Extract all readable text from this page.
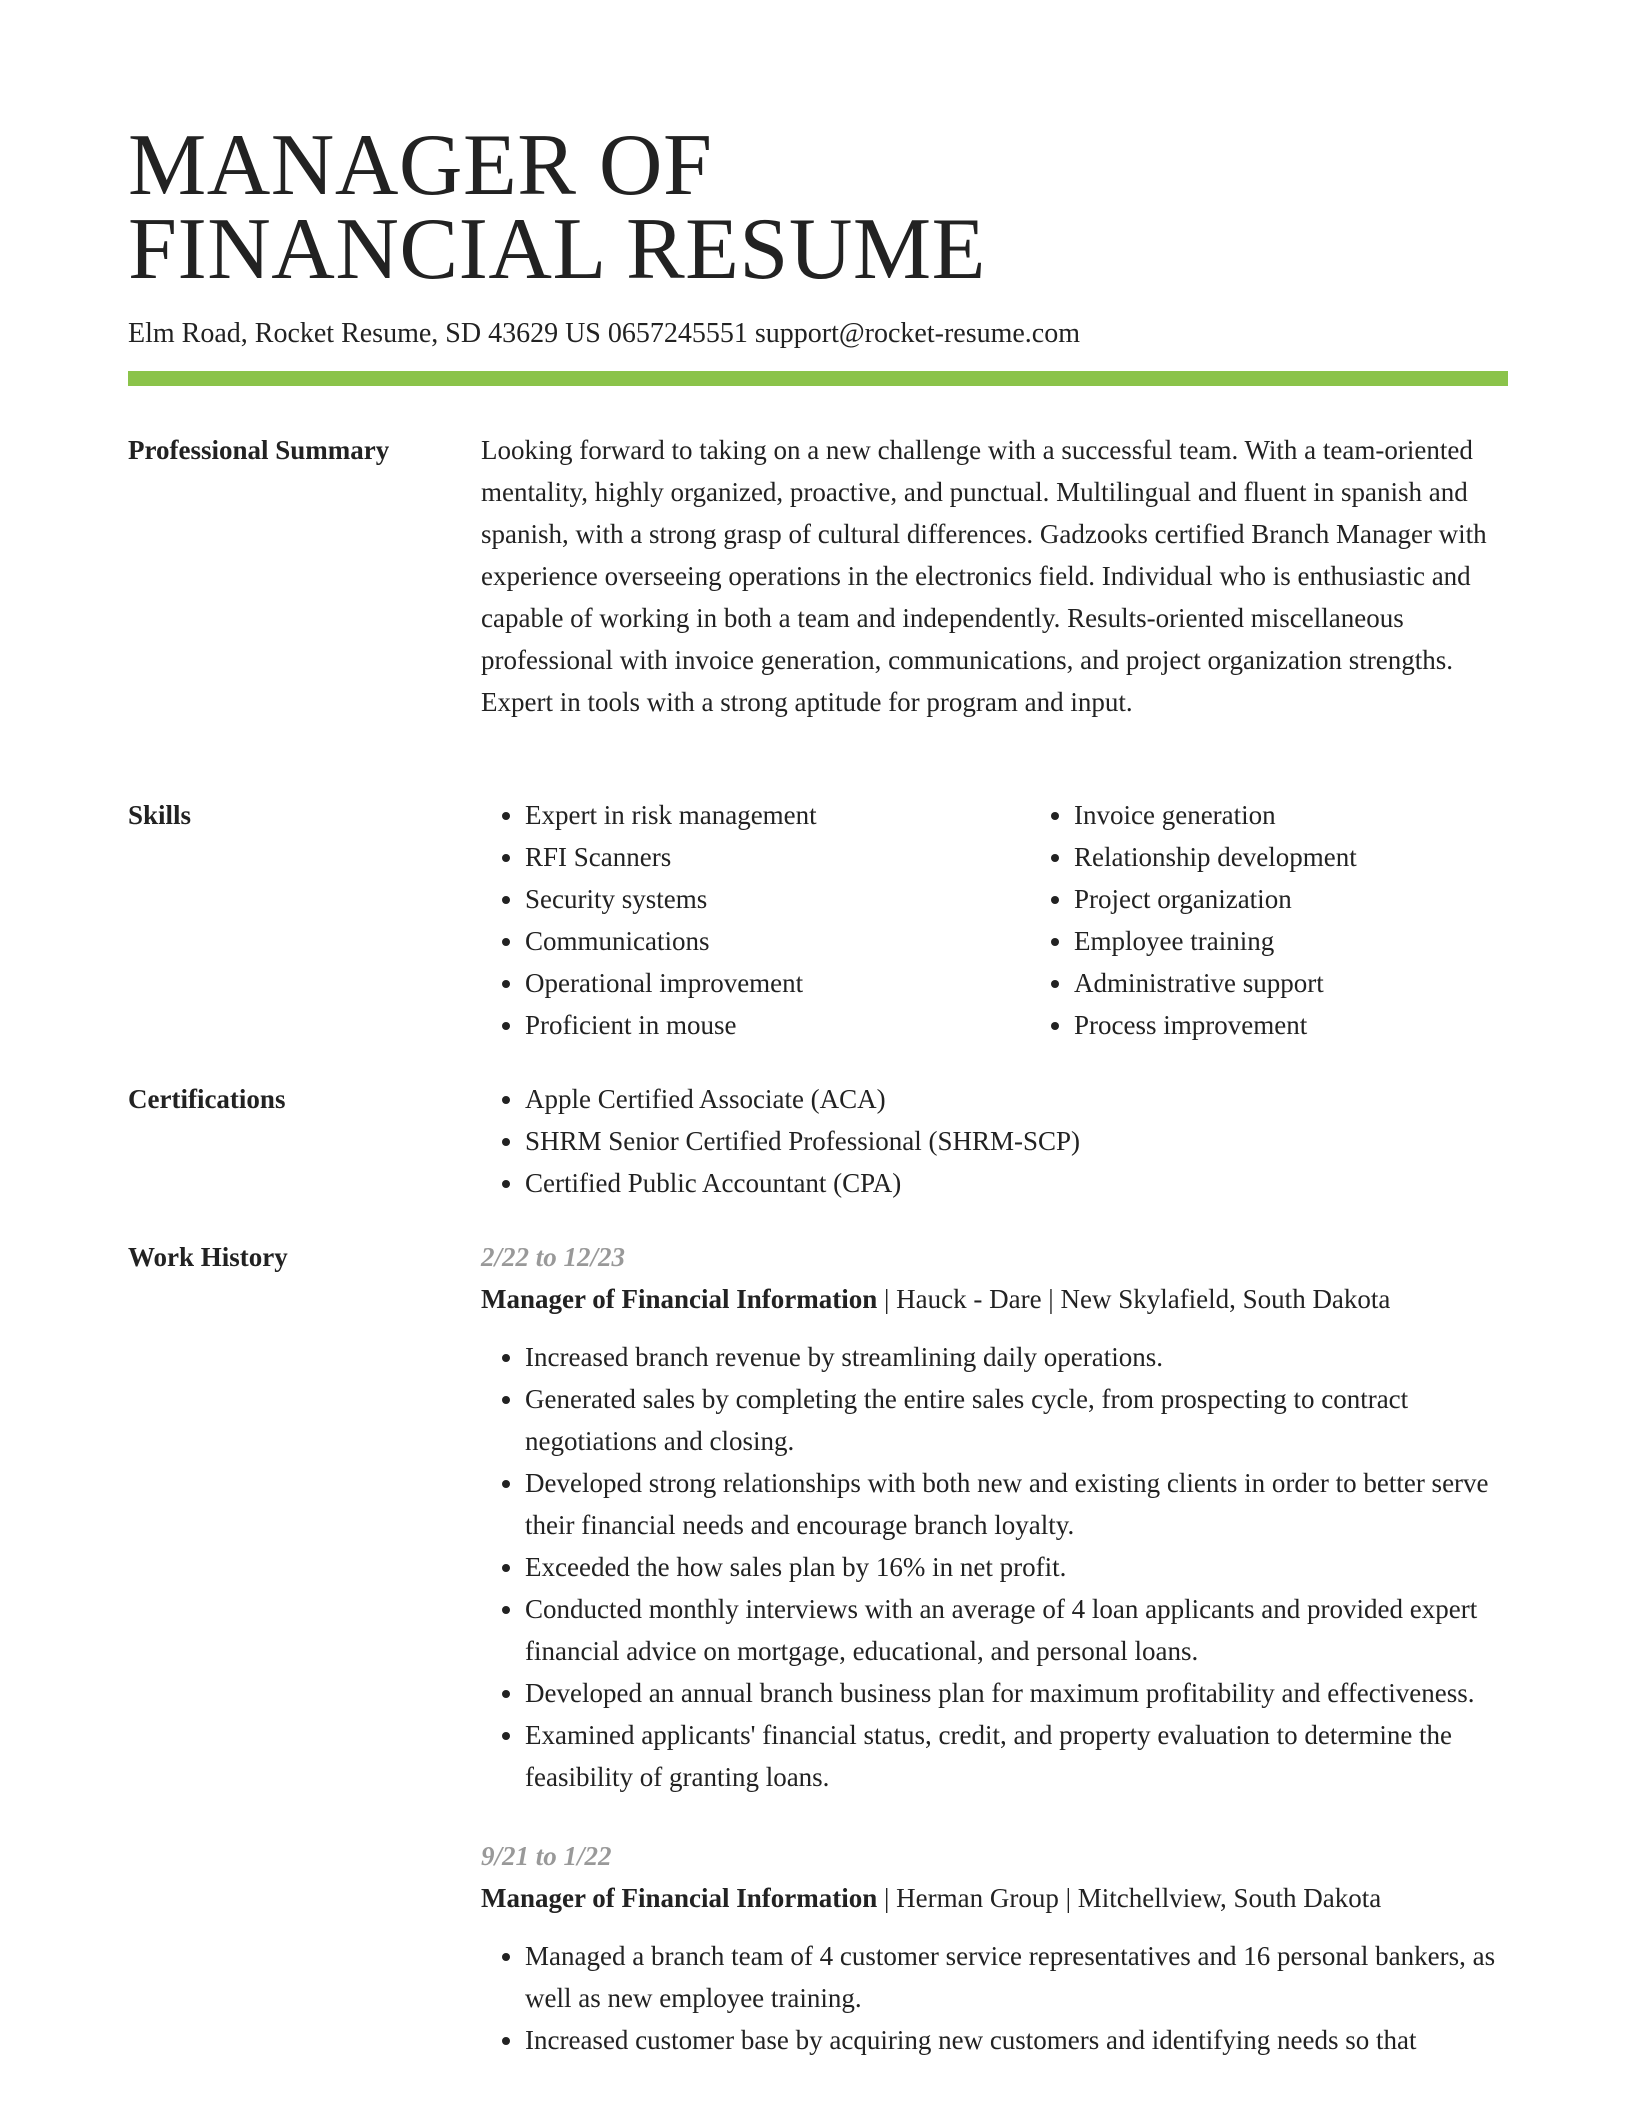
MANAGER OF
FINANCIAL RESUME
Elm Road, Rocket Resume, SD 43629 US 0657245551 support@rocket-resume.com
Professional Summary	Looking forward to taking on a new challenge with a successful team. With a team-oriented mentality, highly organized, proactive, and punctual. Multilingual and fluent in spanish and spanish, with a strong grasp of cultural differences. Gadzooks certified Branch Manager with experience overseeing operations in the electronics field. Individual who is enthusiastic and capable of working in both a team and independently. Results-oriented miscellaneous professional with invoice generation, communications, and project organization strengths. Expert in tools with a strong aptitude for program and input.

Skills	• Expert in risk management
• RFI Scanners
• Security systems
• Communications
• Operational improvement
• Proficient in mouse
• Invoice generation
• Relationship development
• Project organization
• Employee training
• Administrative support
• Process improvement
Certifications	• Apple Certified Associate (ACA)
• SHRM Senior Certified Professional (SHRM-SCP)
• Certified Public Accountant (CPA)
Work History	2/22 to 12/23
Manager of Financial Information | Hauck - Dare | New Skylafield, South Dakota
• Increased branch revenue by streamlining daily operations.
• Generated sales by completing the entire sales cycle, from prospecting to contract negotiations and closing.
• Developed strong relationships with both new and existing clients in order to better serve their financial needs and encourage branch loyalty.
• Exceeded the how sales plan by 16% in net profit.
• Conducted monthly interviews with an average of 4 loan applicants and provided expert financial advice on mortgage, educational, and personal loans.
• Developed an annual branch business plan for maximum profitability and effectiveness.
• Examined applicants' financial status, credit, and property evaluation to determine the feasibility of granting loans.
9/21 to 1/22
Manager of Financial Information | Herman Group | Mitchellview, South Dakota
• Managed a branch team of 4 customer service representatives and 16 personal bankers, as well as new employee training.
• Increased customer base by acquiring new customers and identifying needs so that
